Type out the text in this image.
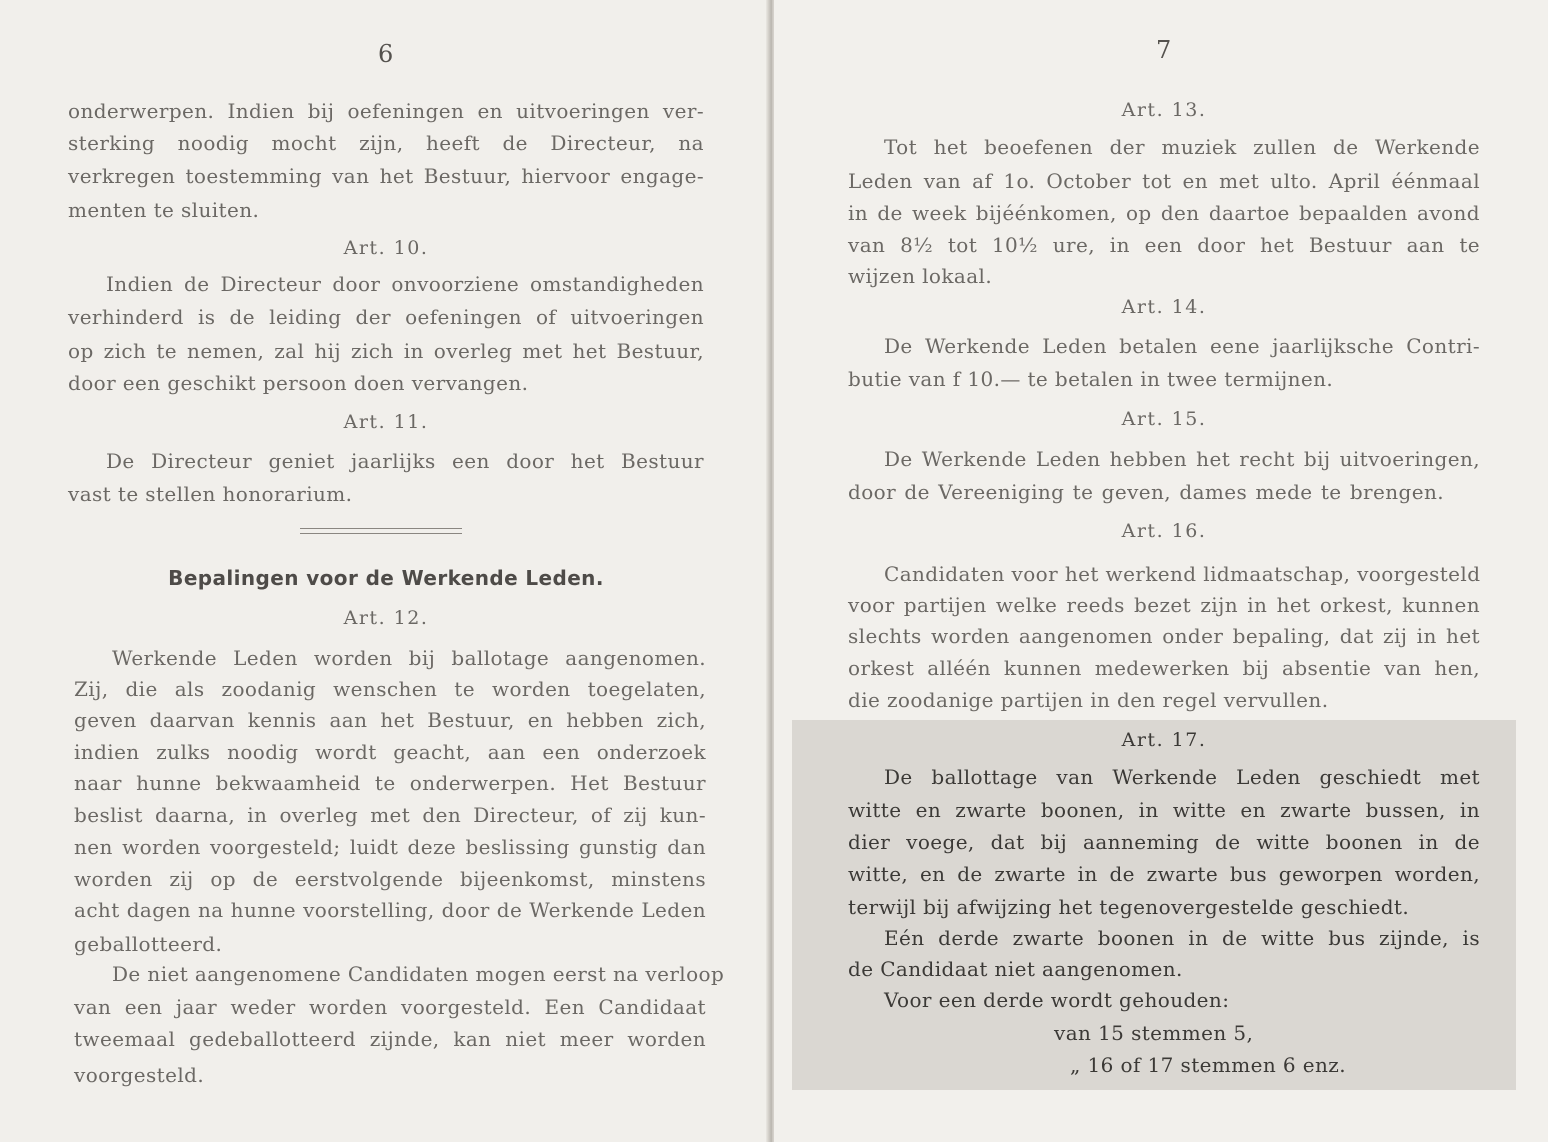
6
onderwerpen. Indien bij oefeningen en uitvoeringen ver-
sterking noodig mocht zijn, heeft de Directeur, na
verkregen toestemming van het Bestuur, hiervoor engage-
menten te sluiten.
Art. 10.
Indien de Directeur door onvoorziene omstandigheden
verhinderd is de leiding der oefeningen of uitvoeringen
op zich te nemen, zal hij zich in overleg met het Bestuur,
door een geschikt persoon doen vervangen.
Art. 11.
De Directeur geniet jaarlijks een door het Bestuur
vast te stellen honorarium.
Bepalingen voor de Werkende Leden.
Art. 12.
Werkende Leden worden bij ballotage aangenomen.
Zij, die als zoodanig wenschen te worden toegelaten,
geven daarvan kennis aan het Bestuur, en hebben zich,
indien zulks noodig wordt geacht, aan een onderzoek
naar hunne bekwaamheid te onderwerpen. Het Bestuur
beslist daarna, in overleg met den Directeur, of zij kun-
nen worden voorgesteld; luidt deze beslissing gunstig dan
worden zij op de eerstvolgende bijeenkomst, minstens
acht dagen na hunne voorstelling, door de Werkende Leden
geballotteerd.
De niet aangenomene Candidaten mogen eerst na verloop
van een jaar weder worden voorgesteld. Een Candidaat
tweemaal gedeballotteerd zijnde, kan niet meer worden
voorgesteld.
7
Art. 13.
Tot het beoefenen der muziek zullen de Werkende
Leden van af 1o. October tot en met ulto. April éénmaal
in de week bijéénkomen, op den daartoe bepaalden avond
van 8½ tot 10½ ure, in een door het Bestuur aan te
wijzen lokaal.
Art. 14.
De Werkende Leden betalen eene jaarlijksche Contri-
butie van f 10.— te betalen in twee termijnen.
Art. 15.
De Werkende Leden hebben het recht bij uitvoeringen,
door de Vereeniging te geven, dames mede te brengen.
Art. 16.
Candidaten voor het werkend lidmaatschap, voorgesteld
voor partijen welke reeds bezet zijn in het orkest, kunnen
slechts worden aangenomen onder bepaling, dat zij in het
orkest alléén kunnen medewerken bij absentie van hen,
die zoodanige partijen in den regel vervullen.
Art. 17.
De ballottage van Werkende Leden geschiedt met
witte en zwarte boonen, in witte en zwarte bussen, in
dier voege, dat bij aanneming de witte boonen in de
witte, en de zwarte in de zwarte bus geworpen worden,
terwijl bij afwijzing het tegenovergestelde geschiedt.
Eén derde zwarte boonen in de witte bus zijnde, is
de Candidaat niet aangenomen.
Voor een derde wordt gehouden:
van 15 stemmen 5,
„ 16 of 17 stemmen 6 enz.
